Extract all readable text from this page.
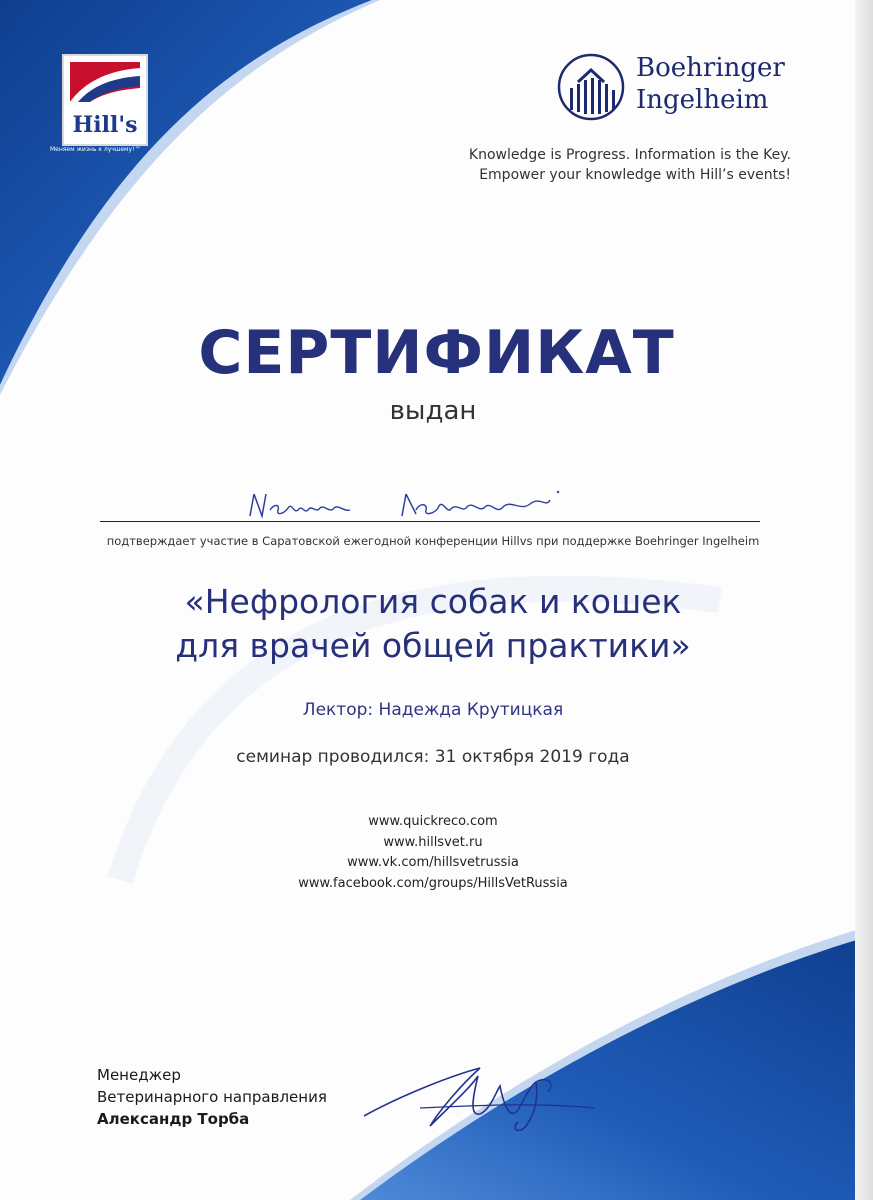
Hill's
Меняем жизнь к лучшему!™
Boehringer
Ingelheim
Knowledge is Progress. Information is the Key.
Empower your knowledge with Hill’s events!
СЕРТИФИКАТ
выдан
подтверждает участие в Саратовской ежегодной конференции Hillvs при поддержке Boehringer Ingelheim
«Нефрология собак и кошек
для врачей общей практики»
Лектор: Надежда Крутицкая
семинар проводился: 31 октября 2019 года
www.quickreco.com
www.hillsvet.ru
www.vk.com/hillsvetrussia
www.facebook.com/groups/HillsVetRussia
Менеджер
Ветеринарного направления
Александр Торба
